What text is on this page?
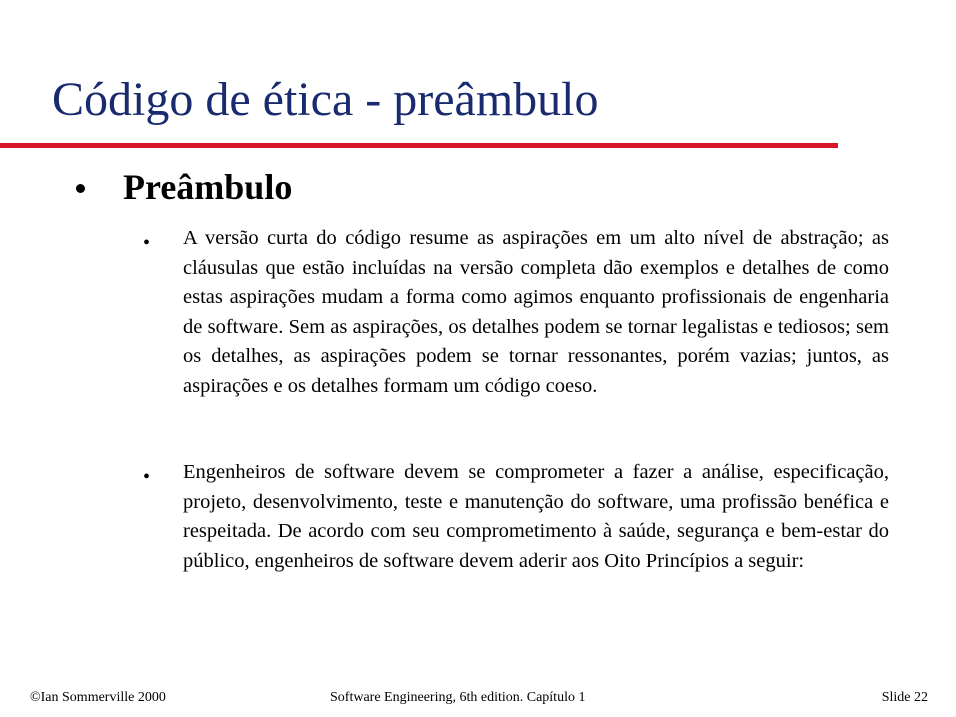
Código de ética - preâmbulo
Preâmbulo
• A versão curta do código resume as aspirações em um alto nível de abstração; as cláusulas que estão incluídas na versão completa dão exemplos e detalhes de como estas aspirações mudam a forma como agimos enquanto profissionais de engenharia de software. Sem as aspirações, os detalhes podem se tornar legalistas e tediosos; sem os detalhes, as aspirações podem se tornar ressonantes, porém vazias; juntos, as aspirações e os detalhes formam um código coeso.
• Engenheiros de software devem se comprometer a fazer a análise, especificação, projeto, desenvolvimento, teste e manutenção do software, uma profissão benéfica e respeitada. De acordo com seu comprometimento à saúde, segurança e bem-estar do público, engenheiros de software devem aderir aos Oito Princípios a seguir:
©Ian Sommerville 2000	Software Engineering, 6th edition. Capítulo 1	Slide 22
